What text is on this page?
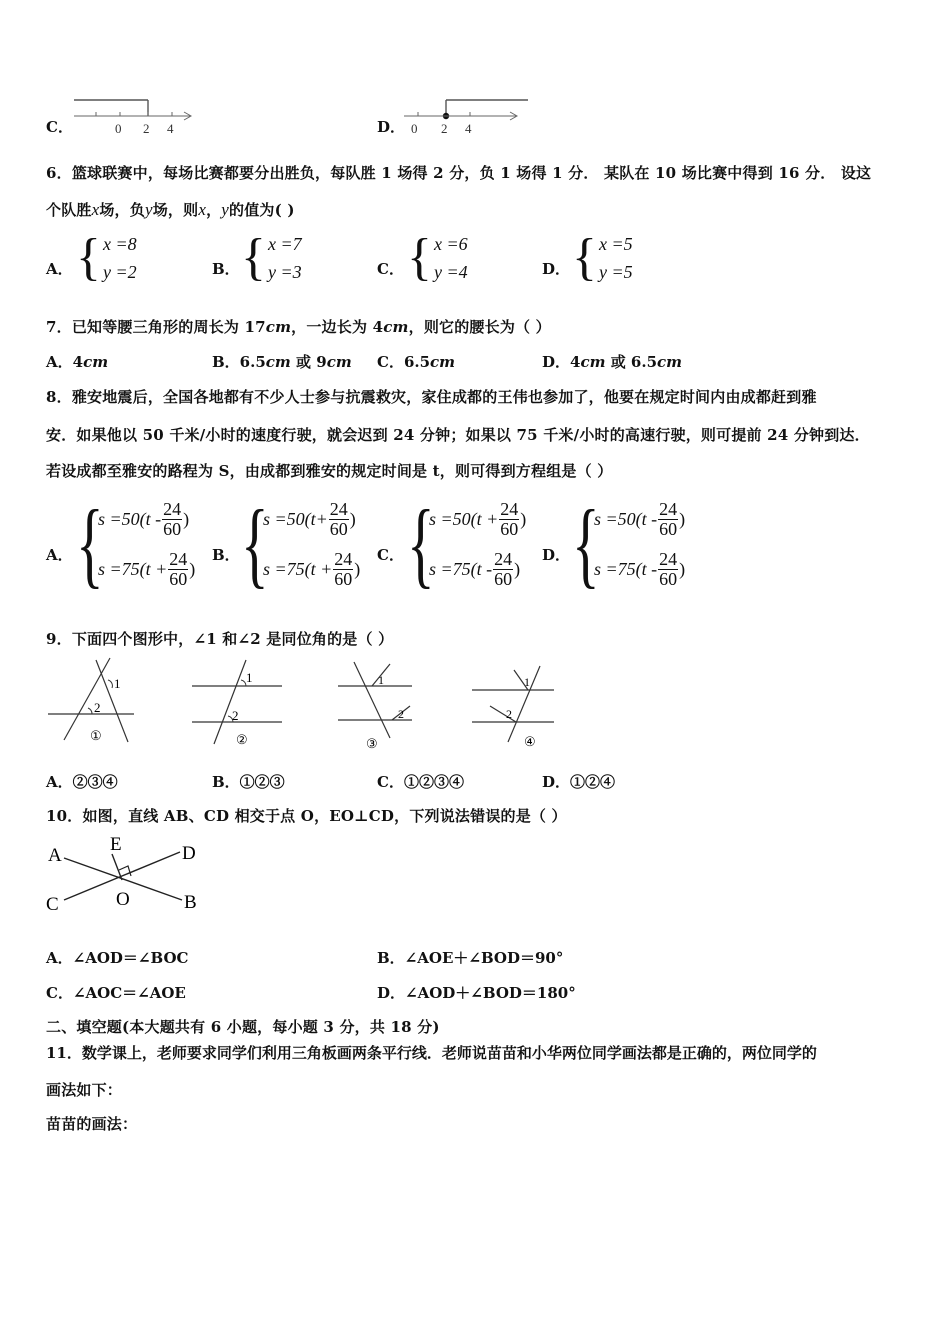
C．	0 2 4	D． 0 2 4
6．篮球联赛中，每场比赛都要分出胜负，每队胜 1 场得 2 分，负 1 场得 1 分． 某队在 10 场比赛中得到 16 分． 设这
个队胜x场，负y场，则x，y的值为( )
A． { x =8
y =2	B． { x =7
y =3	C． { x =6
y =4	D． { x =5
y =5
7．已知等腰三角形的周长为 17cm，一边长为 4cm，则它的腰长为（ ）
A．4cm	B．6.5cm 或 9cm C．6.5cm	D．4cm 或 6.5cm
8．雅安地震后，全国各地都有不少人士参与抗震救灾，家住成都的王伟也参加了，他要在规定时间内由成都赶到雅
安．如果他以 50 千米/小时的速度行驶，就会迟到 24 分钟；如果以 75 千米/小时的高速行驶，则可提前 24 分钟到达．
若设成都至雅安的路程为 S，由成都到雅安的规定时间是 t，则可得到方程组是（ ）
A． {
$s =50(t - \frac{24}{60}$ )
$s =75(t + \frac{24}{60}$ )
B． {
$s =50(t+ \frac{24}{60}$ )
$s =75(t + \frac{24}{60}$ )
C． {
$s =50(t + \frac{24}{60}$ )
$s =75(t - \frac{24}{60}$ )
D． {
$s =50(t - \frac{24}{60}$ )
$s =75(t - \frac{24}{60}$ )
9．下面四个图形中，∠1 和∠2 是同位角的是（ ）
1
2
①
1
2
②
1
2
③
1
2
④
A．②③④	B．①②③	C．①②③④	D．①②④
10．如图，直线 AB、CD 相交于点 O，EO⊥CD，下列说法错误的是（ ）
A	D
C	B
E
O
A．∠AOD＝∠BOC	B．∠AOE＋∠BOD＝90°
C．∠AOC＝∠AOE	D．∠AOD＋∠BOD＝180°
二、填空题(本大题共有 6 小题，每小题 3 分，共 18 分)
11．数学课上，老师要求同学们利用三角板画两条平行线．老师说苗苗和小华两位同学画法都是正确的，两位同学的
画法如下：
苗苗的画法：
